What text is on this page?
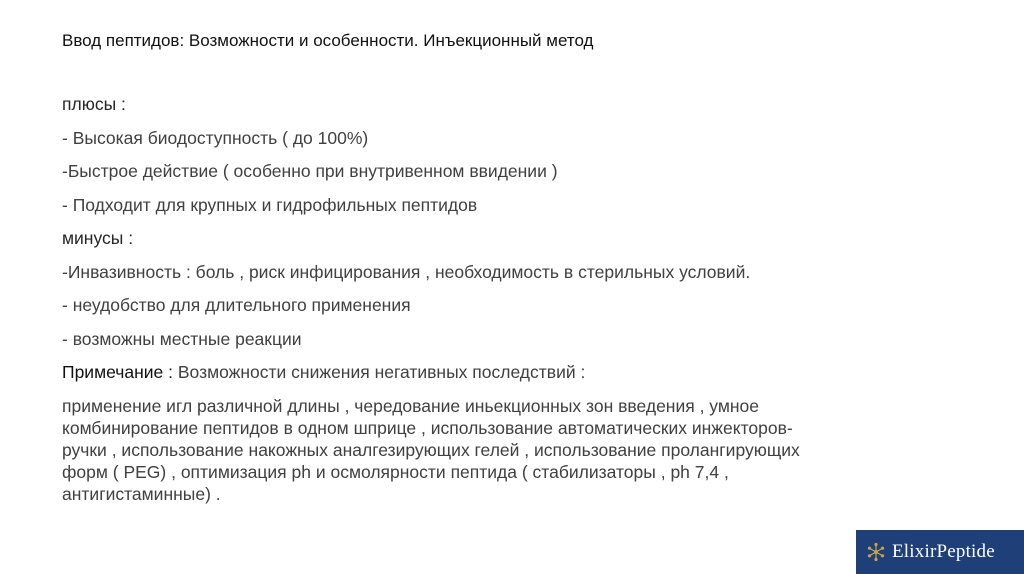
Ввод пептидов: Возможности и особенности. Инъекционный метод
плюсы :
- Высокая биодоступность ( до 100%)
-Быстрое действие ( особенно при внутривенном ввидении )
- Подходит для крупных и гидрофильных пептидов
минусы :
-Инвазивность : боль , риск инфицирования , необходимость в стерильных условий.
- неудобство для длительного применения
- возможны местные реакции
Примечание : Возможности снижения негативных последствий :
применение игл различной длины , чередование иньекционных зон введения , умное
комбинирование пептидов в одном шприце , использование автоматических инжекторов-
ручки , использование накожных аналгезирующих гелей , использование пролангирующих
форм ( PEG) , оптимизация ph и осмолярности пептида ( стабилизаторы , ph 7,4 ,
антигистаминные) .
ElixirPeptide
